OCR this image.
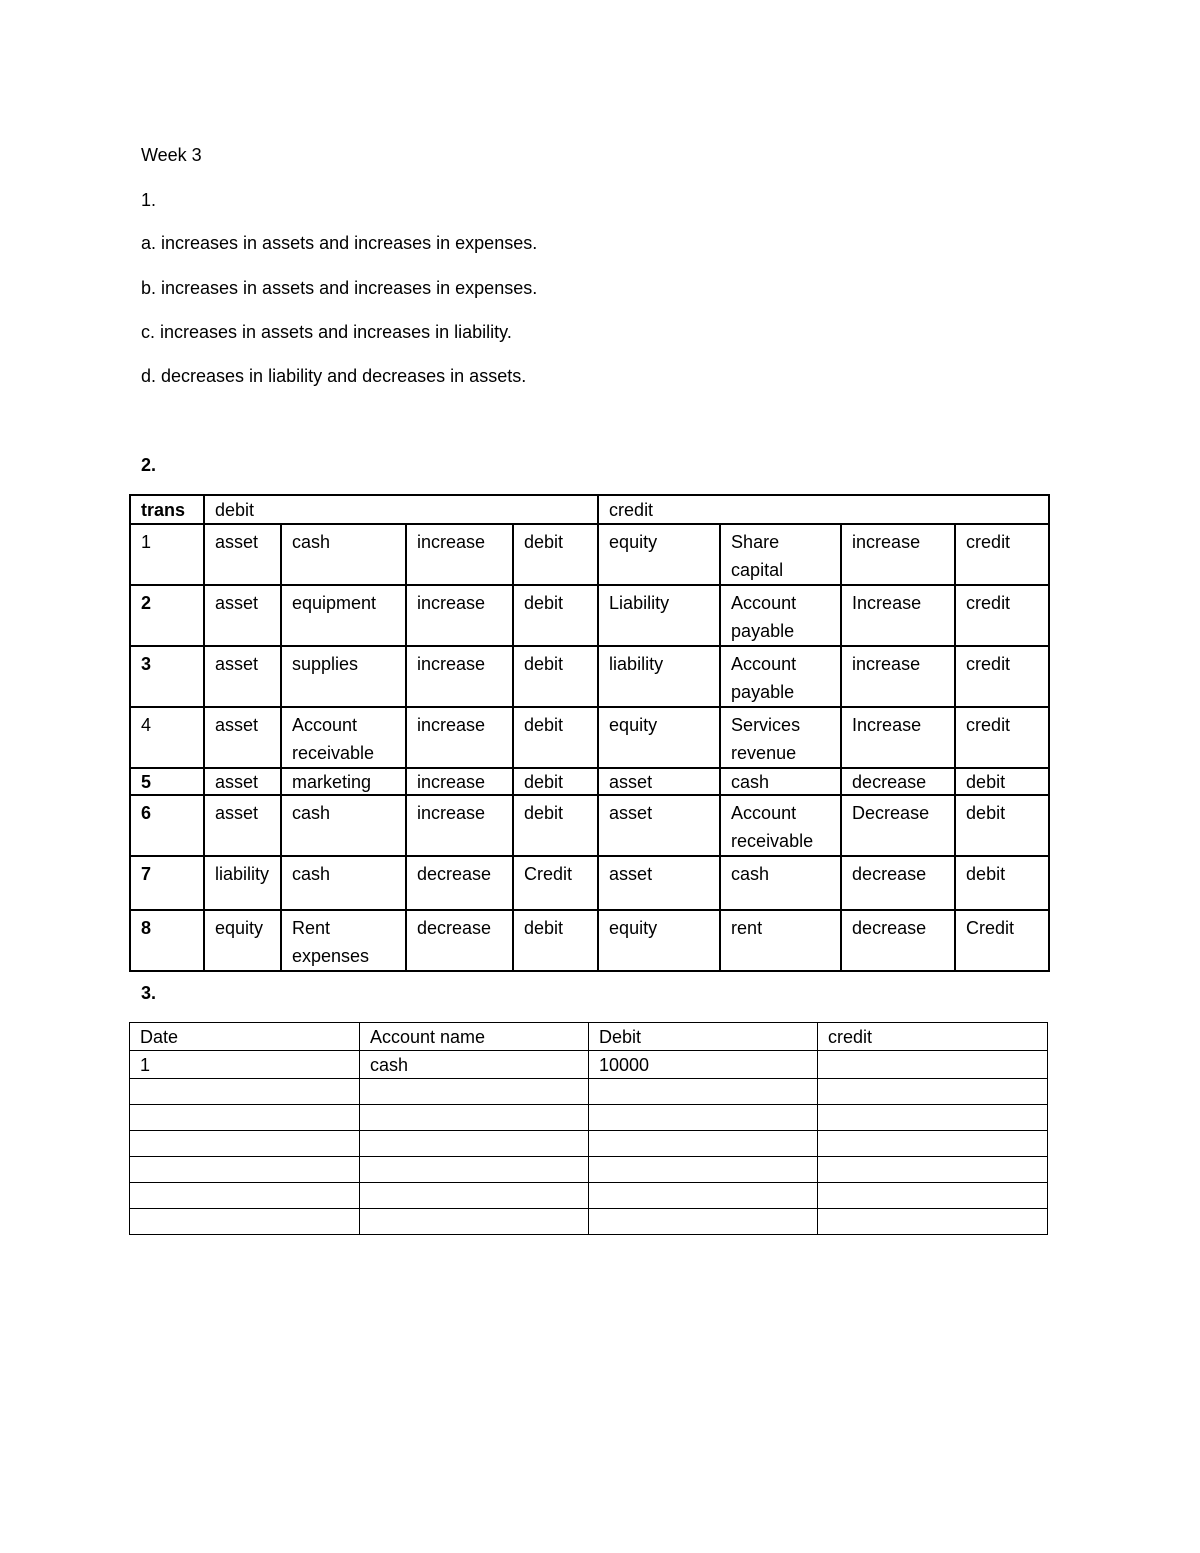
Week 3
1.
a. increases in assets and increases in expenses.
b. increases in assets and increases in expenses.
c. increases in assets and increases in liability.
d. decreases in liability and decreases in assets.
2.
trans	debit				credit			
1	asset	cash	increase	debit	equity	Share capital	increase	credit
2	asset	equipment	increase	debit	Liability	Account payable	Increase	credit
3	asset	supplies	increase	debit	liability	Account payable	increase	credit
4	asset	Account receivable	increase	debit	equity	Services revenue	Increase	credit
5	asset	marketing	increase	debit	asset	cash	decrease	debit
6	asset	cash	increase	debit	asset	Account receivable	Decrease	debit
7	liability	cash	decrease	Credit	asset	cash	decrease	debit
8	equity	Rent expenses	decrease	debit	equity	rent	decrease	Credit
3.
Date	Account name	Debit	credit
1	cash	10000	
